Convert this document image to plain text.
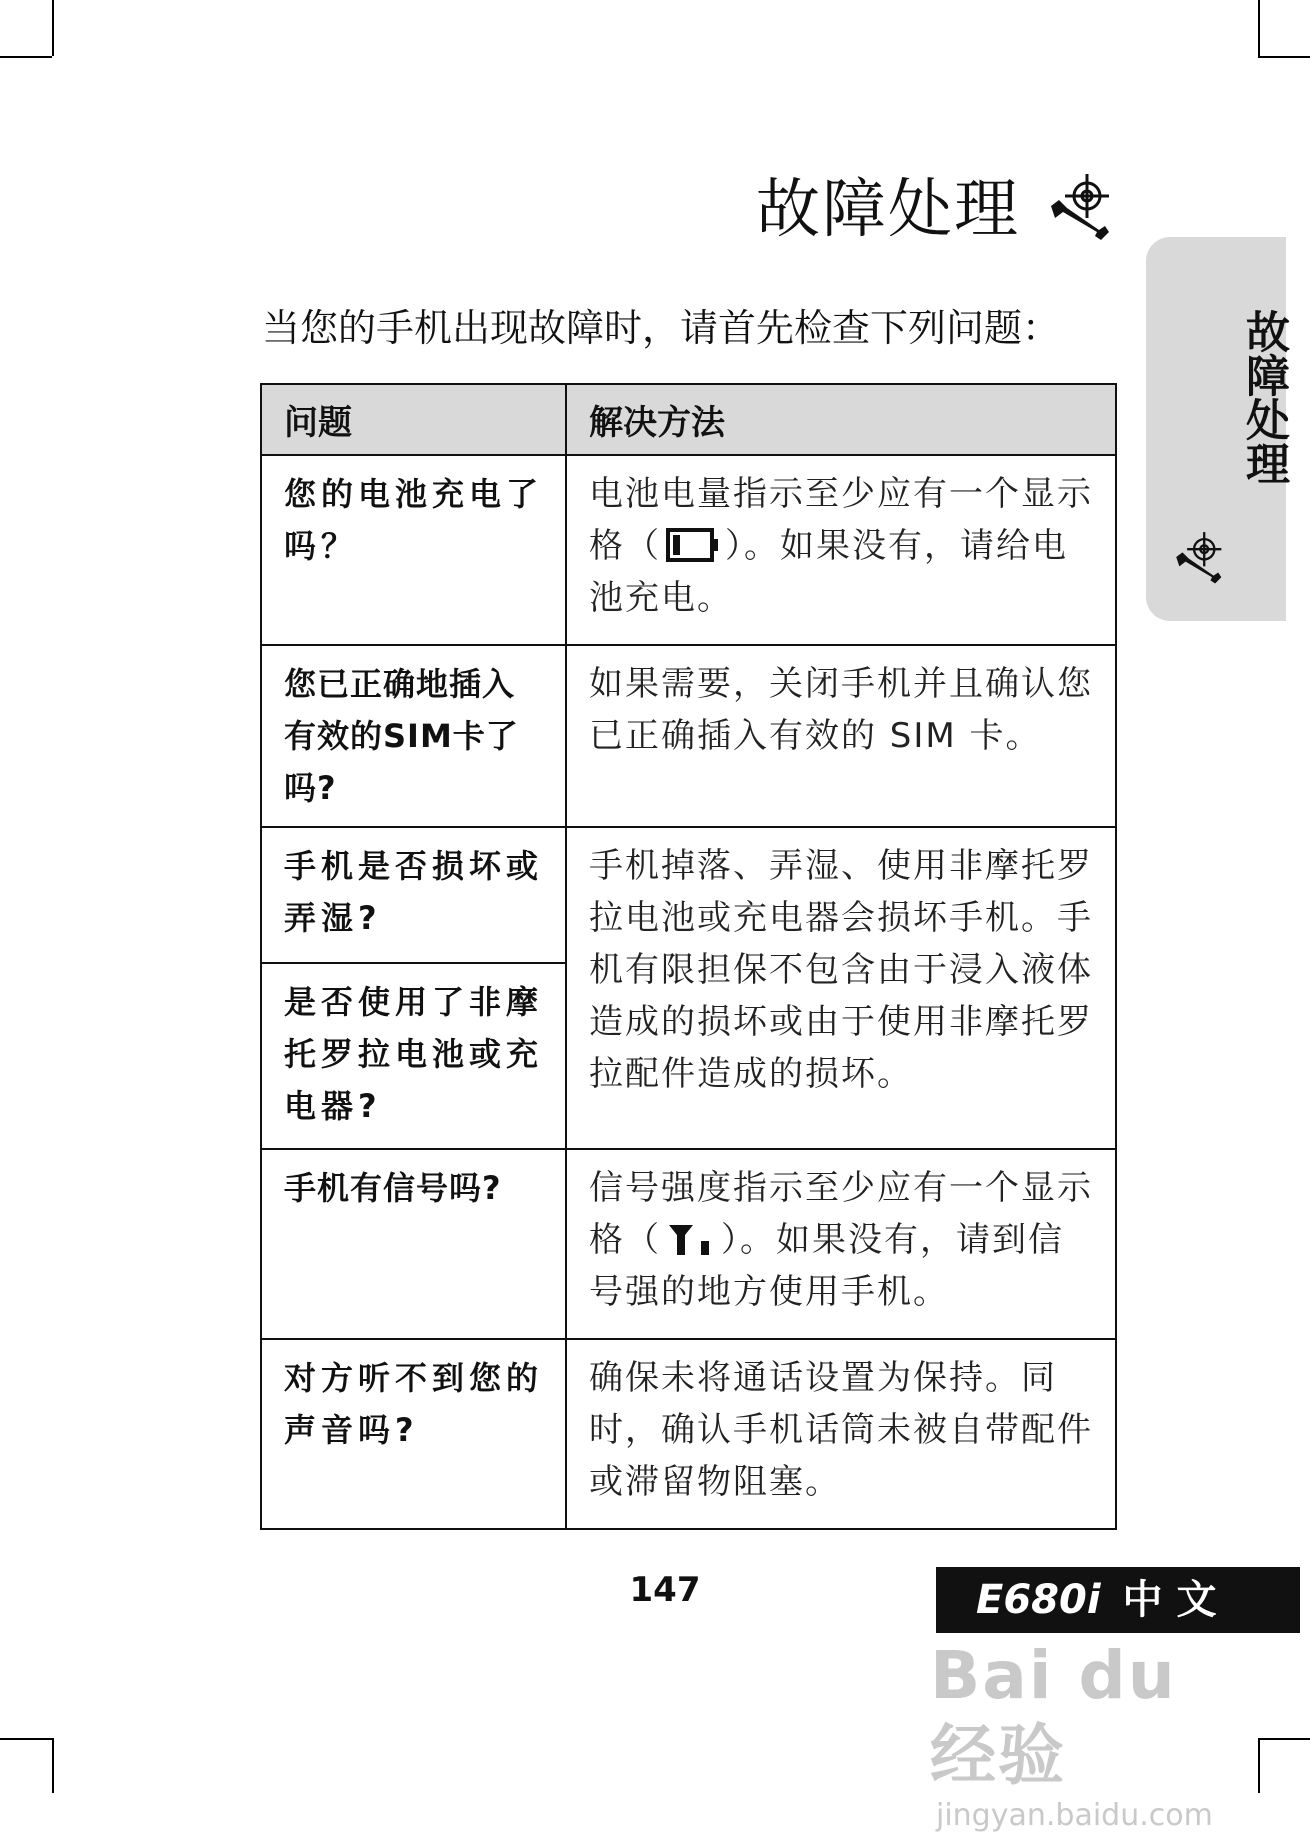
故障处理
故障处理
当您的手机出现故障时，请首先检查下列问题：
问题	解决方法
您的电池充电了吗？	电池电量指示至少应有一个显示格（ ）。如果没有，请给电池充电。
您已正确地插入有效的SIM卡了吗?	如果需要，关闭手机并且确认您已正确插入有效的 SIM 卡。
手机是否损坏或弄湿?	手机掉落、弄湿、使用非摩托罗拉电池或充电器会损坏手机。手机有限担保不包含由于浸入液体造成的损坏或由于使用非摩托罗拉配件造成的损坏。
是否使用了非摩托罗拉电池或充电器?	
手机有信号吗?	信号强度指示至少应有一个显示格（ ）。如果没有，请到信号强的地方使用手机。
对方听不到您的声音吗?	确保未将通话设置为保持。同时，确认手机话筒未被自带配件或滞留物阻塞。
147	E680i 中文
Bai du 经验
jingyan.baidu.com
